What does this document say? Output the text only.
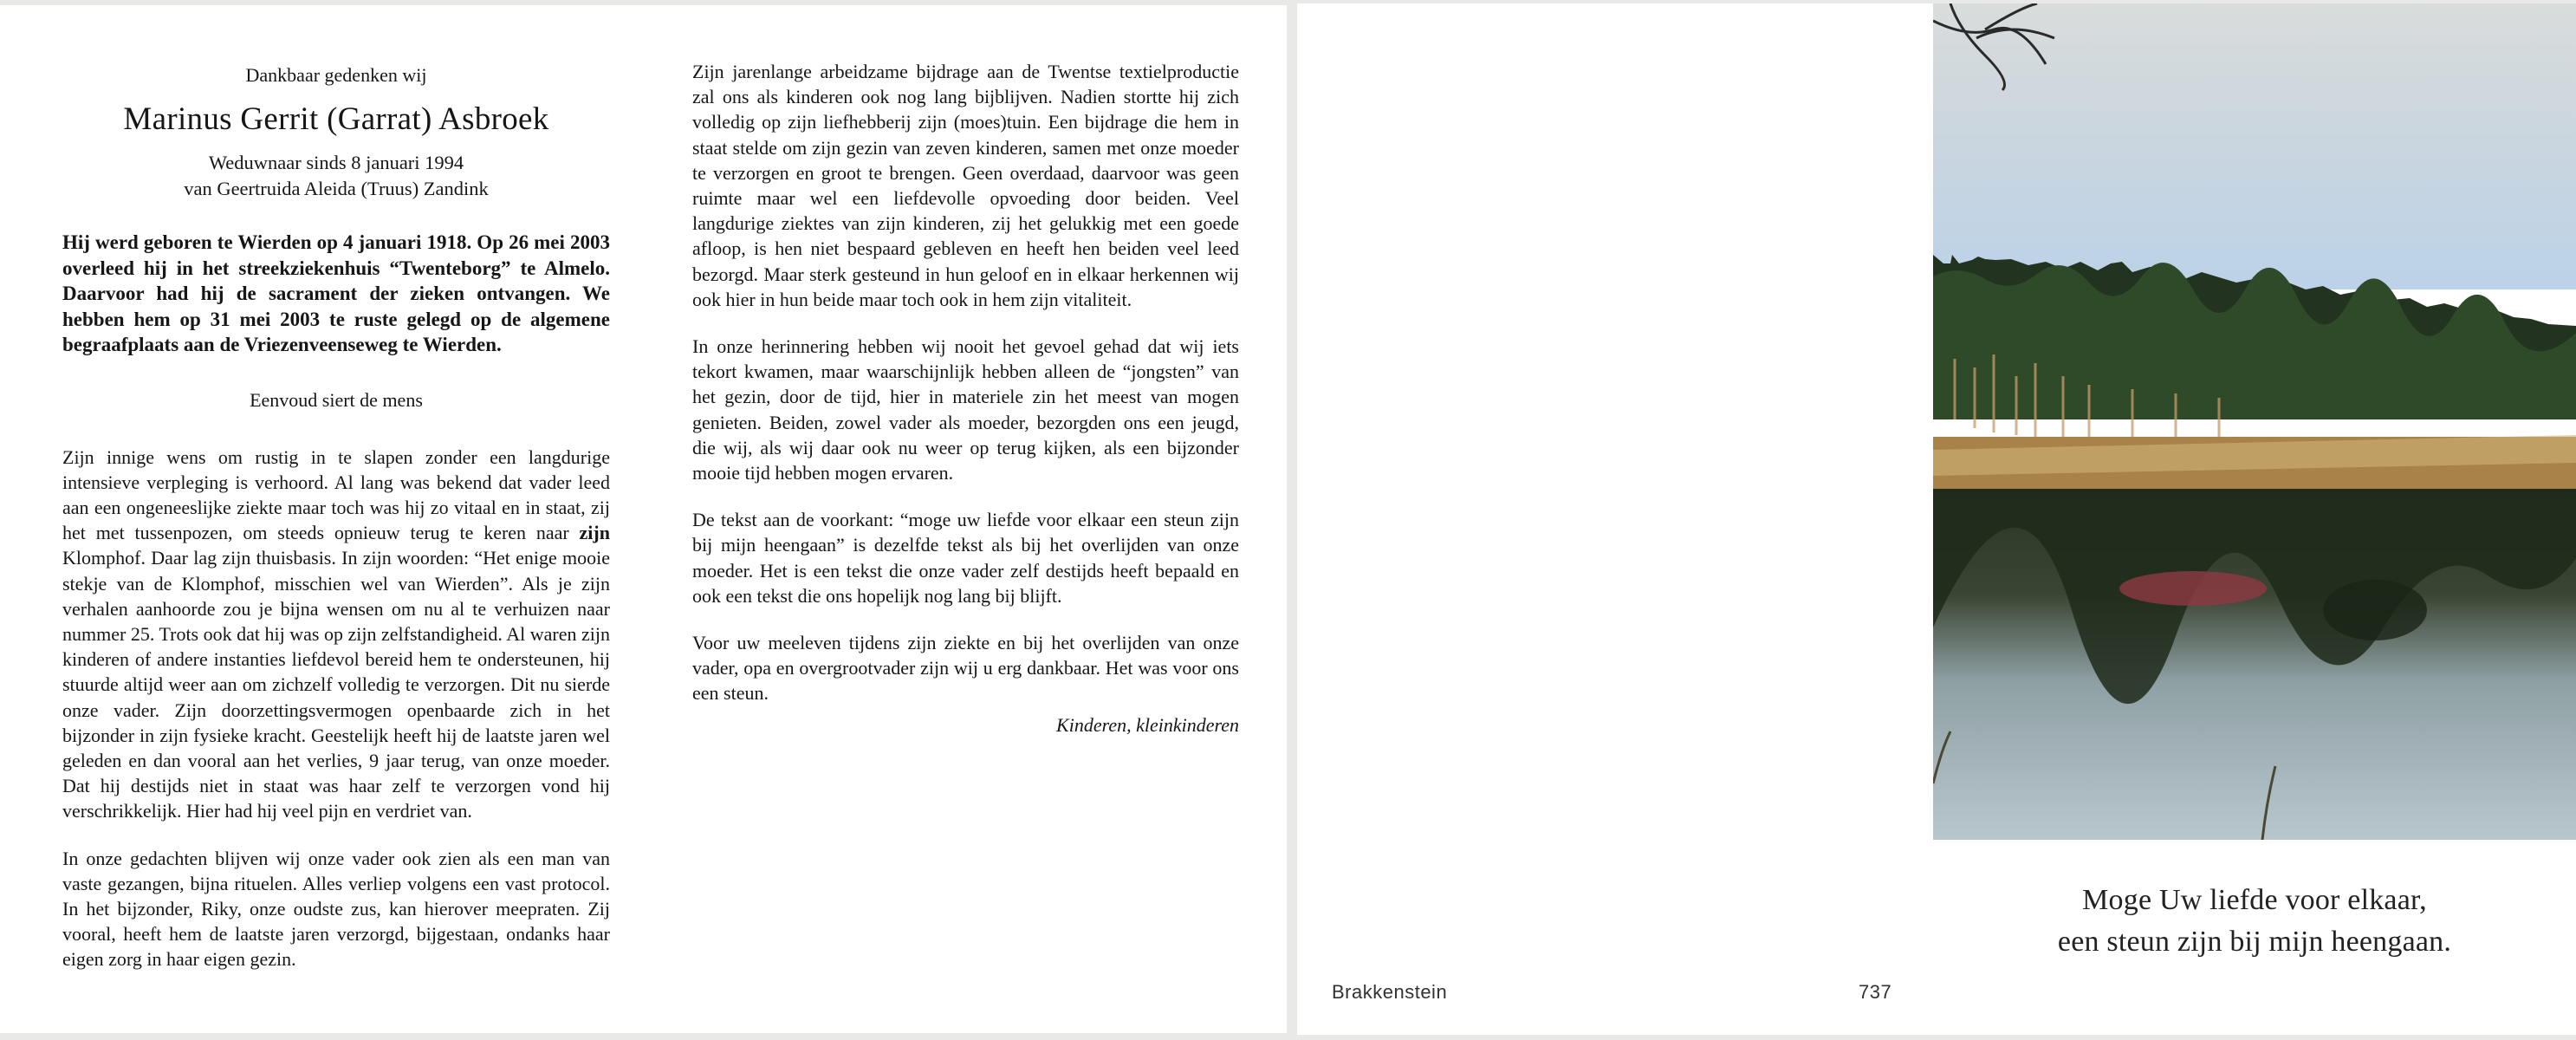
Dankbaar gedenken wij
Marinus Gerrit (Garrat) Asbroek
Weduwnaar sinds 8 januari 1994
van Geertruida Aleida (Truus) Zandink
Hij werd geboren te Wierden op 4 januari 1918. Op 26 mei 2003 overleed hij in het streekziekenhuis “Twenteborg” te Almelo. Daarvoor had hij de sacrament der zieken ontvangen. We hebben hem op 31 mei 2003 te ruste gelegd op de algemene begraafplaats aan de Vriezenveenseweg te Wierden.
Eenvoud siert de mens

Zijn innige wens om rustig in te slapen zonder een langdurige intensieve verpleging is verhoord. Al lang was bekend dat vader leed aan een ongeneeslijke ziekte maar toch was hij zo vitaal en in staat, zij het met tussenpozen, om steeds opnieuw terug te keren naar zijn Klomphof. Daar lag zijn thuisbasis. In zijn woorden: “Het enige mooie stekje van de Klomphof, misschien wel van Wierden”. Als je zijn verhalen aanhoorde zou je bijna wensen om nu al te verhuizen naar nummer 25. Trots ook dat hij was op zijn zelfstandigheid. Al waren zijn kinderen of andere instanties liefdevol bereid hem te ondersteunen, hij stuurde altijd weer aan om zichzelf volledig te verzorgen. Dit nu sierde onze vader. Zijn doorzettingsvermogen openbaarde zich in het bijzonder in zijn fysieke kracht. Geestelijk heeft hij de laatste jaren wel geleden en dan vooral aan het verlies, 9 jaar terug, van onze moeder. Dat hij destijds niet in staat was haar zelf te verzorgen vond hij verschrikkelijk. Hier had hij veel pijn en verdriet van.

In onze gedachten blijven wij onze vader ook zien als een man van vaste gezangen, bijna rituelen. Alles verliep volgens een vast protocol. In het bijzonder, Riky, onze oudste zus, kan hierover meepraten. Zij vooral, heeft hem de laatste jaren verzorgd, bijgestaan, ondanks haar eigen zorg in haar eigen gezin.

Zijn jarenlange arbeidzame bijdrage aan de Twentse textielproductie zal ons als kinderen ook nog lang bijblijven. Nadien stortte hij zich volledig op zijn liefhebberij zijn (moes)tuin. Een bijdrage die hem in staat stelde om zijn gezin van zeven kinderen, samen met onze moeder te verzorgen en groot te brengen. Geen overdaad, daarvoor was geen ruimte maar wel een liefdevolle opvoeding door beiden. Veel langdurige ziektes van zijn kinderen, zij het gelukkig met een goede afloop, is hen niet bespaard gebleven en heeft hen beiden veel leed bezorgd. Maar sterk gesteund in hun geloof en in elkaar herkennen wij ook hier in hun beide maar toch ook in hem zijn vitaliteit.

In onze herinnering hebben wij nooit het gevoel gehad dat wij iets tekort kwamen, maar waarschijnlijk hebben alleen de “jongsten” van het gezin, door de tijd, hier in materiele zin het meest van mogen genieten. Beiden, zowel vader als moeder, bezorgden ons een jeugd, die wij, als wij daar ook nu weer op terug kijken, als een bijzonder mooie tijd hebben mogen ervaren.

De tekst aan de voorkant: “moge uw liefde voor elkaar een steun zijn bij mijn heengaan” is dezelfde tekst als bij het overlijden van onze moeder. Het is een tekst die onze vader zelf destijds heeft bepaald en ook een tekst die ons hopelijk nog lang bij blijft.

Voor uw meeleven tijdens zijn ziekte en bij het overlijden van onze vader, opa en overgrootvader zijn wij u erg dankbaar. Het was voor ons een steun.

Kinderen, kleinkinderen
Moge Uw liefde voor elkaar,
een steun zijn bij mijn heengaan.
Brakkenstein	737
